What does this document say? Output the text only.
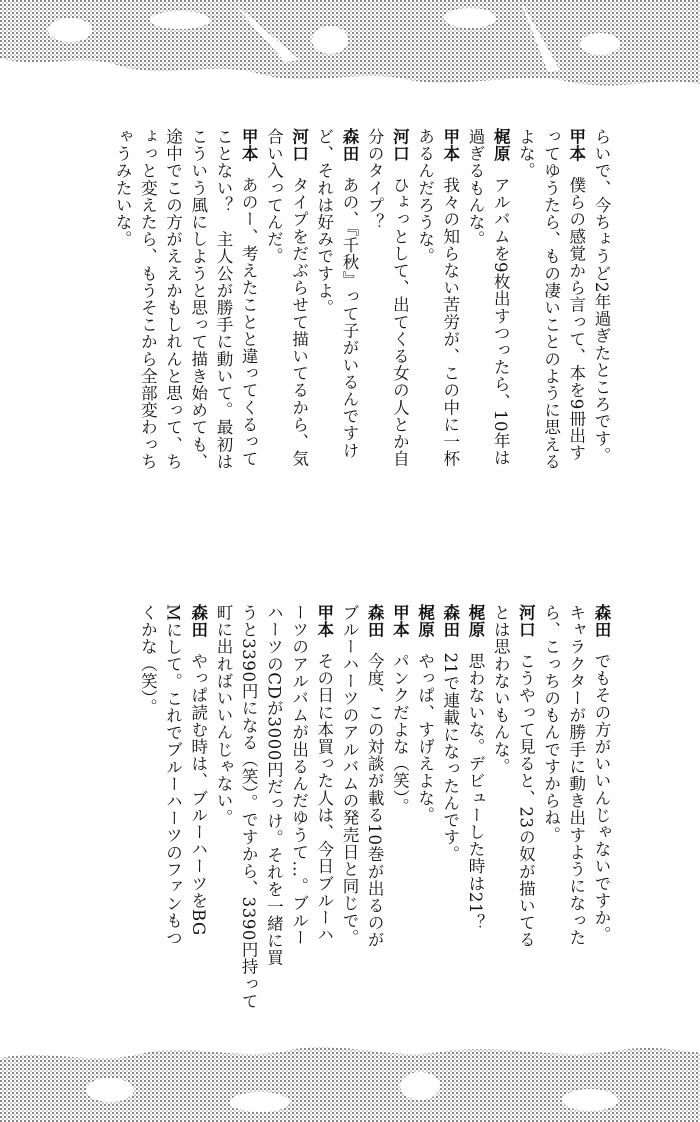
らいで、今ちょうど2年過ぎたところです。
甲本僕らの感覚から言って、本を9冊出す
ってゆうたら、もの凄いことのように思える
よな。
梶原アルバムを9枚出すつったら、10年は
過ぎるもんな。
甲本我々の知らない苦労が、この中に一杯
あるんだろうな。
河口ひょっとして、出てくる女の人とか自
分のタイプ？
森田あの、『千秋』って子がいるんですけ
ど、それは好みですよ。
河口タイプをだぶらせて描いてるから、気
合い入ってんだ。
甲本あのー、考えたことと違ってくるって
ことない？　主人公が勝手に動いて。最初は
こういう風にしようと思って描き始めても、
途中でこの方がええかもしれんと思って、ち
ょっと変えたら、もうそこから全部変わっち
ゃうみたいな。
森田でもその方がいいんじゃないですか。
キャラクターが勝手に動き出すようになった
ら、こっちのもんですからね。
河口こうやって見ると、23の奴が描いてる
とは思わないもんな。
梶原思わないな。デビューした時は21？
森田21で連載になったんです。
梶原やっぱ、すげえよな。
甲本パンクだよな（笑）。
森田今度、この対談が載る10巻が出るのが
ブルーハーツのアルバムの発売日と同じで。
甲本その日に本買った人は、今日ブルーハ
ーツのアルバムが出るんだゆうて…。ブルー
ハーツのCDが3000円だっけ。それを一緒に買
うと3390円になる（笑）。ですから、3390円持って
町に出ればいいんじゃない。
森田やっぱ読む時は、ブルーハーツをBG
Mにして。これでブルーハーツのファンもつ
くかな（笑）。
